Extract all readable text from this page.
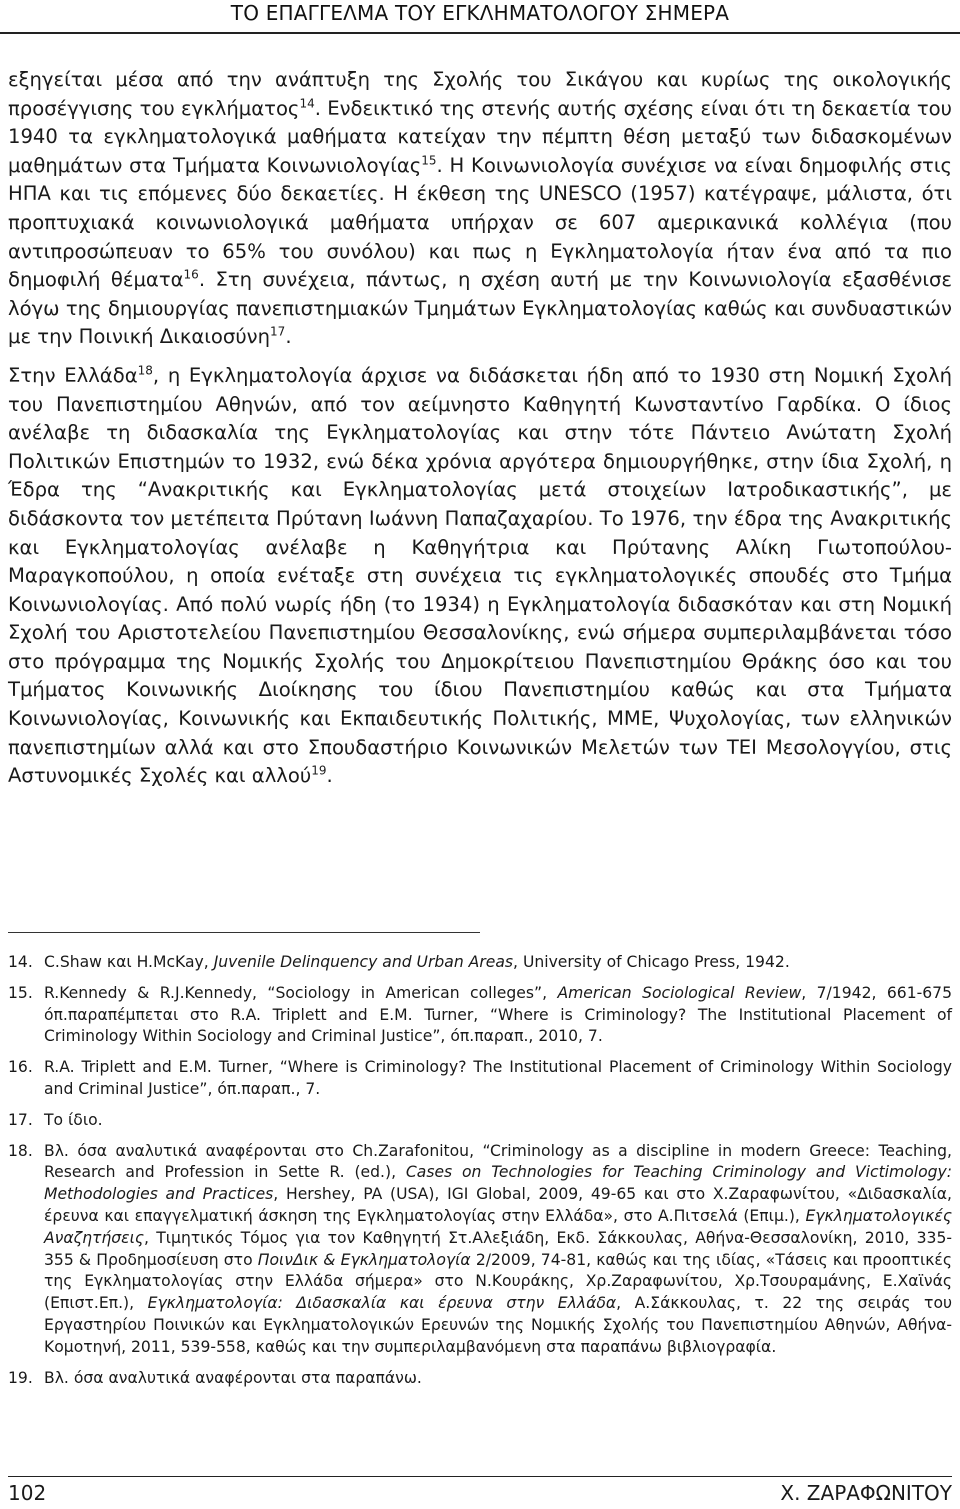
ΤΟ ΕΠΑΓΓΕΛΜΑ ΤΟΥ ΕΓΚΛΗΜΑΤΟΛΟΓΟΥ ΣΗΜΕΡΑ

εξηγείται μέσα από την ανάπτυξη της Σχολής του Σικάγου και κυρίως της οικολογικής προσέγγισης του εγκλήματος$^{14}$. Ενδεικτικό της στενής αυτής σχέσης είναι ότι τη δεκαετία του 1940 τα εγκληματολογικά μαθήματα κατείχαν την πέμπτη θέση μεταξύ των διδασκομένων μαθημάτων στα Τμήματα Κοινωνιολογίας$^{15}$. Η Κοινωνιολογία συνέχισε να είναι δημοφιλής στις ΗΠΑ και τις επόμενες δύο δεκαετίες. Η έκθεση της UNESCO (1957) κατέγραψε, μάλιστα, ότι προπτυχιακά κοινωνιολογικά μαθήματα υπήρχαν σε 607 αμερικανικά κολλέγια (που αντιπροσώπευαν το 65% του συνόλου) και πως η Εγκληματολογία ήταν ένα από τα πιο δημοφιλή θέματα$^{16}$. Στη συνέχεια, πάντως, η σχέση αυτή με την Κοινωνιολογία εξασθένισε λόγω της δημιουργίας πανεπιστημιακών Τμημάτων Εγκληματολογίας καθώς και συνδυαστικών με την Ποινική Δικαιοσύνη$^{17}$.

Στην Ελλάδα$^{18}$, η Εγκληματολογία άρχισε να διδάσκεται ήδη από το 1930 στη Νομική Σχολή του Πανεπιστημίου Αθηνών, από τον αείμνηστο Καθηγητή Κωνσταντίνο Γαρδίκα. Ο ίδιος ανέλαβε τη διδασκαλία της Εγκληματολογίας και στην τότε Πάντειο Ανώτατη Σχολή Πολιτικών Επιστημών το 1932, ενώ δέκα χρόνια αργότερα δημιουργήθηκε, στην ίδια Σχολή, η Έδρα της “Ανακριτικής και Εγκληματολογίας μετά στοιχείων Ιατροδικαστικής”, με διδάσκοντα τον μετέπειτα Πρύτανη Ιωάννη Παπαζαχαρίου. Το 1976, την έδρα της Ανακριτικής και Εγκληματολογίας ανέλαβε η Καθηγήτρια και Πρύτανης Αλίκη Γιωτοπούλου-Μαραγκοπούλου, η οποία ενέταξε στη συνέχεια τις εγκληματολογικές σπουδές στο Τμήμα Κοινωνιολογίας. Από πολύ νωρίς ήδη (το 1934) η Εγκληματολογία διδασκόταν και στη Νομική Σχολή του Αριστοτελείου Πανεπιστημίου Θεσσαλονίκης, ενώ σήμερα συμπεριλαμβάνεται τόσο στο πρόγραμμα της Νομικής Σχολής του Δημοκρίτειου Πανεπιστημίου Θράκης όσο και του Τμήματος Κοινωνικής Διοίκησης του ίδιου Πανεπιστημίου καθώς και στα Τμήματα Κοινωνιολογίας, Κοινωνικής και Εκπαιδευτικής Πολιτικής, ΜΜΕ, Ψυχολογίας, των ελληνικών πανεπιστημίων αλλά και στο Σπουδαστήριο Κοινωνικών Μελετών των ΤΕΙ Μεσολογγίου, στις Αστυνομικές Σχολές και αλλού$^{19}$.

14. C.Shaw και H.McKay, Juvenile Delinquency and Urban Areas, University of Chicago Press, 1942.
15. R.Kennedy & R.J.Kennedy, “Sociology in American colleges”, American Sociological Review, 7/1942, 661-675 όπ.παραπέμπεται στο R.A. Triplett and E.M. Turner, “Where is Criminology? The Institutional Placement of Criminology Within Sociology and Criminal Justice”, όπ.παραπ., 2010, 7.
16. R.A. Triplett and E.M. Turner, “Where is Criminology? The Institutional Placement of Criminology Within Sociology and Criminal Justice”, όπ.παραπ., 7.
17. Το ίδιο.
18. Βλ. όσα αναλυτικά αναφέρονται στο Ch.Zarafonitou, “Criminology as a discipline in modern Greece: Teaching, Research and Profession in Sette R. (ed.), Cases on Technologies for Teaching Criminology and Victimology: Methodologies and Practices, Hershey, PA (USA), IGI Global, 2009, 49-65 και στο Χ.Ζαραφωνίτου, «Διδασκαλία, έρευνα και επαγγελματική άσκηση της Εγκληματολογίας στην Ελλάδα», στο Α.Πιτσελά (Επιμ.), Εγκληματολογικές Αναζητήσεις, Τιμητικός Τόμος για τον Καθηγητή Στ.Αλεξιάδη, Εκδ. Σάκκουλας, Αθήνα-Θεσσαλονίκη, 2010, 335-355 & Προδημοσίευση στο ΠοινΔικ & Εγκληματολογία 2/2009, 74-81, καθώς και της ιδίας, «Τάσεις και προοπτικές της Εγκληματολογίας στην Ελλάδα σήμερα» στο Ν.Κουράκης, Χρ.Ζαραφωνίτου, Χρ.Τσουραμάνης, Ε.Χαϊνάς (Επιστ.Επ.), Εγκληματολογία: Διδασκαλία και έρευνα στην Ελλάδα, Α.Σάκκουλας, τ. 22 της σειράς του Εργαστηρίου Ποινικών και Εγκληματολογικών Ερευνών της Νομικής Σχολής του Πανεπιστημίου Αθηνών, Αθήνα-Κομοτηνή, 2011, 539-558, καθώς και την συμπεριλαμβανόμενη στα παραπάνω βιβλιογραφία.
19. Βλ. όσα αναλυτικά αναφέρονται στα παραπάνω.
102	Χ. ΖΑΡΑΦΩΝΙΤΟΥ
